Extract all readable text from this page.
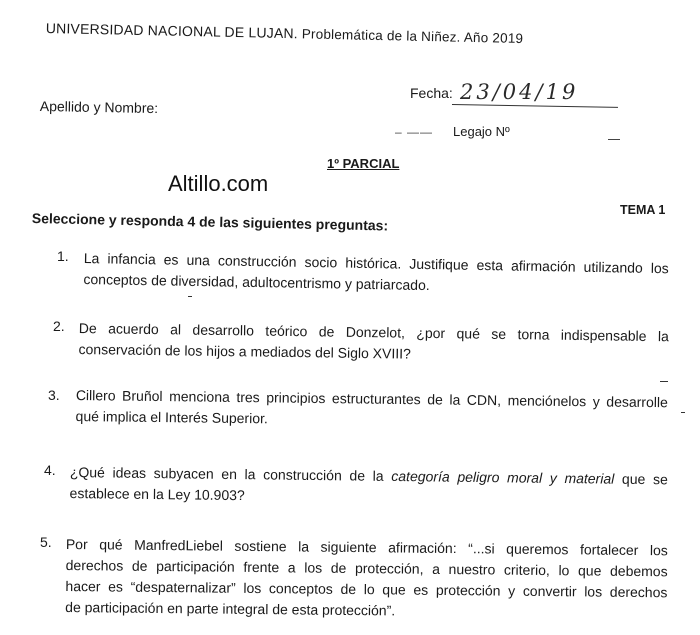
UNIVERSIDAD NACIONAL DE LUJAN. Problemática de la Niñez. Año 2019
Fecha: 23/04/19
Apellido y Nombre:
– —— Legajo Nº
1º PARCIAL
Altillo.com
TEMA 1
Seleccione y responda 4 de las siguientes preguntas:
1. La infancia es una construcción socio histórica. Justifique esta afirmación utilizando los
conceptos de diversidad, adultocentrismo y patriarcado.
2. De acuerdo al desarrollo teórico de Donzelot, ¿por qué se torna indispensable la
conservación de los hijos a mediados del Siglo XVIII?
3. Cillero Bruñol menciona tres principios estructurantes de la CDN, menciónelos y desarrolle
qué implica el Interés Superior.
4. ¿Qué ideas subyacen en la construcción de la categoría peligro moral y material que se
establece en la Ley 10.903?
5. Por qué ManfredLiebel sostiene la siguiente afirmación: “...si queremos fortalecer los
derechos de participación frente a los de protección, a nuestro criterio, lo que debemos
hacer es “despaternalizar” los conceptos de lo que es protección y convertir los derechos
de participación en parte integral de esta protección”.
